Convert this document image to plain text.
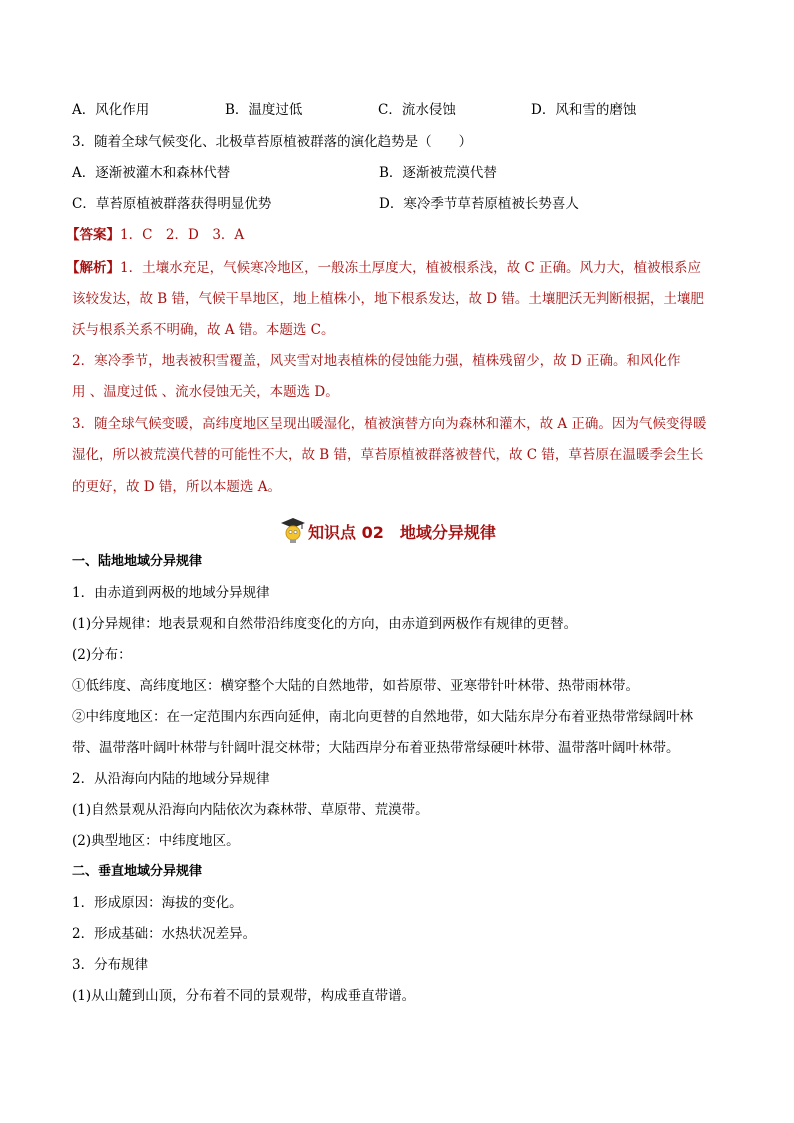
A．风化作用	B．温度过低	C．流水侵蚀	D．风和雪的磨蚀
3．随着全球气候变化、北极草苔原植被群落的演化趋势是（　　）
A．逐渐被灌木和森林代替	B．逐渐被荒漠代替
C．草苔原植被群落获得明显优势	D．寒冷季节草苔原植被长势喜人
【答案】1．C　2．D　3．A
【解析】1．土壤水充足，气候寒冷地区，一般冻土厚度大，植被根系浅，故 C 正确。风力大，植被根系应
该较发达，故 B 错，气候干旱地区，地上植株小，地下根系发达，故 D 错。土壤肥沃无判断根据，土壤肥
沃与根系关系不明确，故 A 错。本题选 C。
2．寒冷季节，地表被积雪覆盖，风夹雪对地表植株的侵蚀能力强，植株残留少，故 D 正确。和风化作
用 、温度过低 、流水侵蚀无关，本题选 D。
3．随全球气候变暖，高纬度地区呈现出暖湿化，植被演替方向为森林和灌木，故 A 正确。因为气候变得暖
湿化，所以被荒漠代替的可能性不大，故 B 错，草苔原植被群落被替代，故 C 错，草苔原在温暖季会生长
的更好，故 D 错，所以本题选 A。
知识点 02　地域分异规律
一、陆地地域分异规律
1．由赤道到两极的地域分异规律
(1)分异规律：地表景观和自然带沿纬度变化的方向，由赤道到两极作有规律的更替。
(2)分布：
①低纬度、高纬度地区：横穿整个大陆的自然地带，如苔原带、亚寒带针叶林带、热带雨林带。
②中纬度地区：在一定范围内东西向延伸，南北向更替的自然地带，如大陆东岸分布着亚热带常绿阔叶林
带、温带落叶阔叶林带与针阔叶混交林带；大陆西岸分布着亚热带常绿硬叶林带、温带落叶阔叶林带。
2．从沿海向内陆的地域分异规律
(1)自然景观从沿海向内陆依次为森林带、草原带、荒漠带。
(2)典型地区：中纬度地区。
二、垂直地域分异规律
1．形成原因：海拔的变化。
2．形成基础：水热状况差异。
3．分布规律
(1)从山麓到山顶，分布着不同的景观带，构成垂直带谱。
